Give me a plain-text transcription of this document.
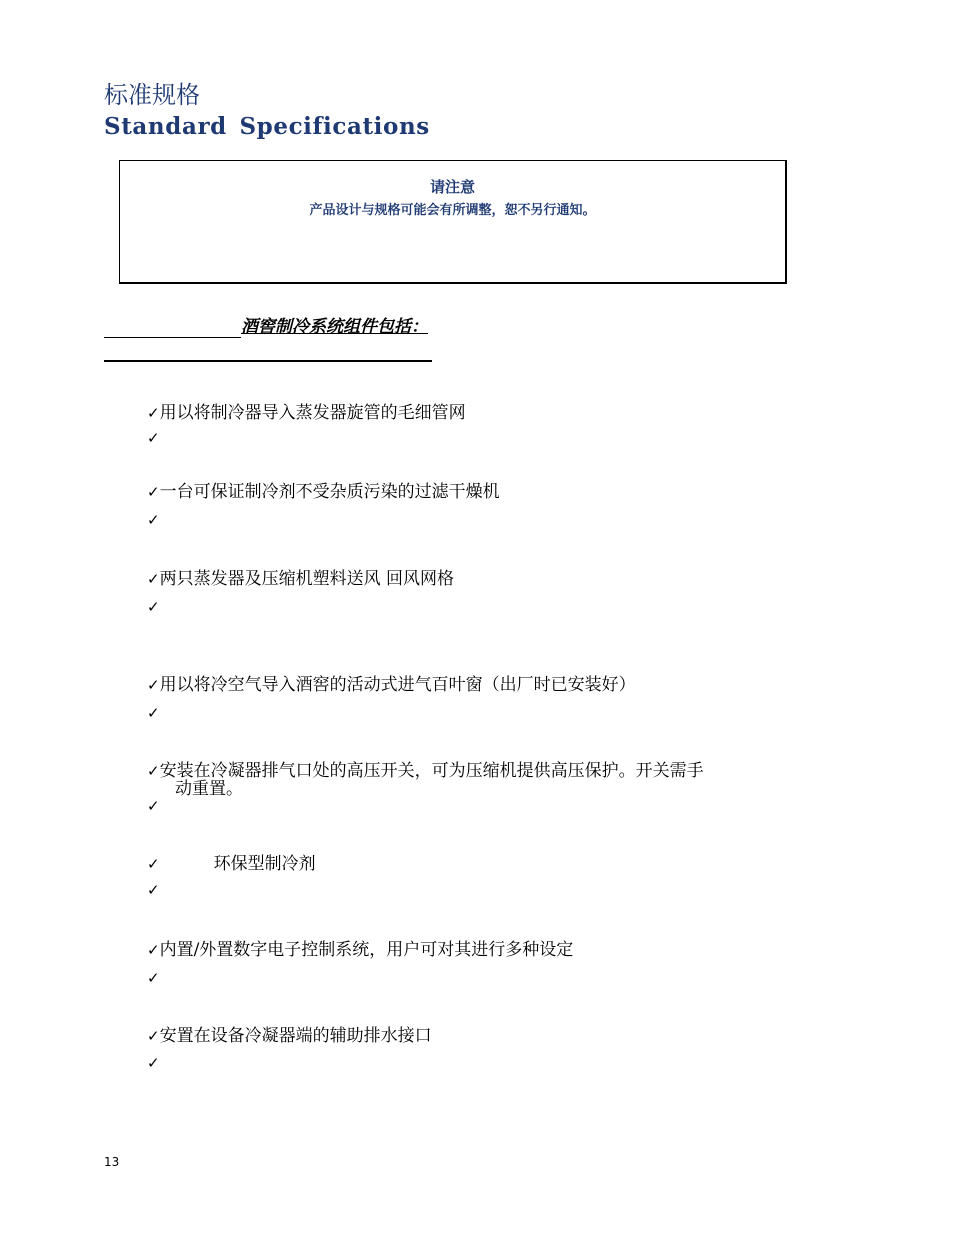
标准规格
Standard Specifications
请注意
产品设计与规格可能会有所调整，恕不另行通知。
酒窖制冷系统组件包括：
✓用以将制冷器导入蒸发器旋管的毛细管网
✓
✓一台可保证制冷剂不受杂质污染的过滤干燥机
✓
✓两只蒸发器及压缩机塑料送风 回风网格
✓
✓用以将冷空气导入酒窖的活动式进气百叶窗（出厂时已安装好）
✓
✓安装在冷凝器排气口处的高压开关，可为压缩机提供高压保护。开关需手
动重置。
✓
✓	环保型制冷剂
✓
✓内置/外置数字电子控制系统，用户可对其进行多种设定
✓
✓安置在设备冷凝器端的辅助排水接口
✓
13
